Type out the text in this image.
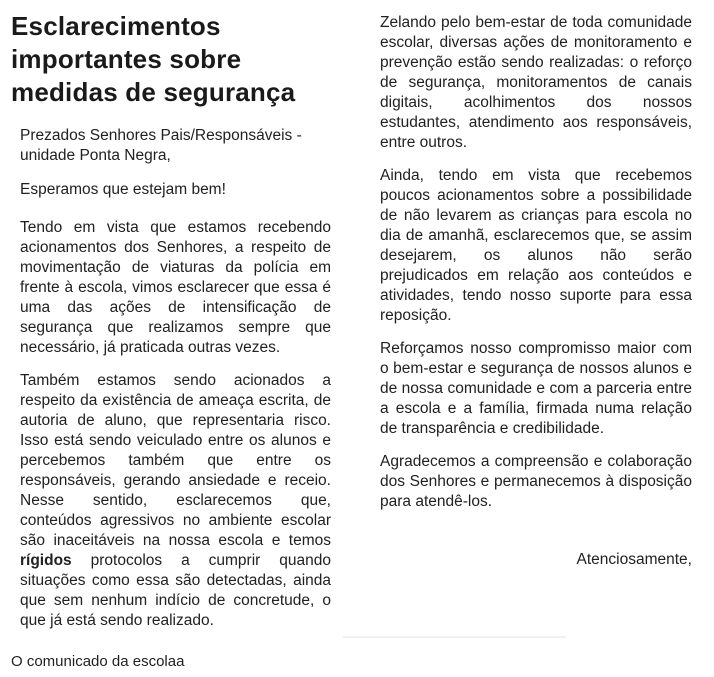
Esclarecimentos importantes sobre medidas de segurança

Prezados Senhores Pais/Responsáveis -
unidade Ponta Negra,

Esperamos que estejam bem!

Tendo em vista que estamos recebendo acionamentos dos Senhores, a respeito de movimentação de viaturas da polícia em frente à escola, vimos esclarecer que essa é uma das ações de intensificação de segurança que realizamos sempre que necessário, já praticada outras vezes.

Também estamos sendo acionados a respeito da existência de ameaça escrita, de autoria de aluno, que representaria risco. Isso está sendo veiculado entre os alunos e percebemos também que entre os responsáveis, gerando ansiedade e receio. Nesse sentido, esclarecemos que, conteúdos agressivos no ambiente escolar são inaceitáveis na nossa escola e temos rígidos protocolos a cumprir quando situações como essa são detectadas, ainda que sem nenhum indício de concretude, o que já está sendo realizado.

Zelando pelo bem-estar de toda comunidade escolar, diversas ações de monitoramento e prevenção estão sendo realizadas: o reforço de segurança, monitoramentos de canais digitais, acolhimentos dos nossos estudantes, atendimento aos responsáveis, entre outros.

Ainda, tendo em vista que recebemos poucos acionamentos sobre a possibilidade de não levarem as crianças para escola no dia de amanhã, esclarecemos que, se assim desejarem, os alunos não serão prejudicados em relação aos conteúdos e atividades, tendo nosso suporte para essa reposição.

Reforçamos nosso compromisso maior com o bem-estar e segurança de nossos alunos e de nossa comunidade e com a parceria entre a escola e a família, firmada numa relação de transparência e credibilidade.

Agradecemos a compreensão e colaboração dos Senhores e permanecemos à disposição para atendê-los.

Atenciosamente,

O comunicado da escolaa
